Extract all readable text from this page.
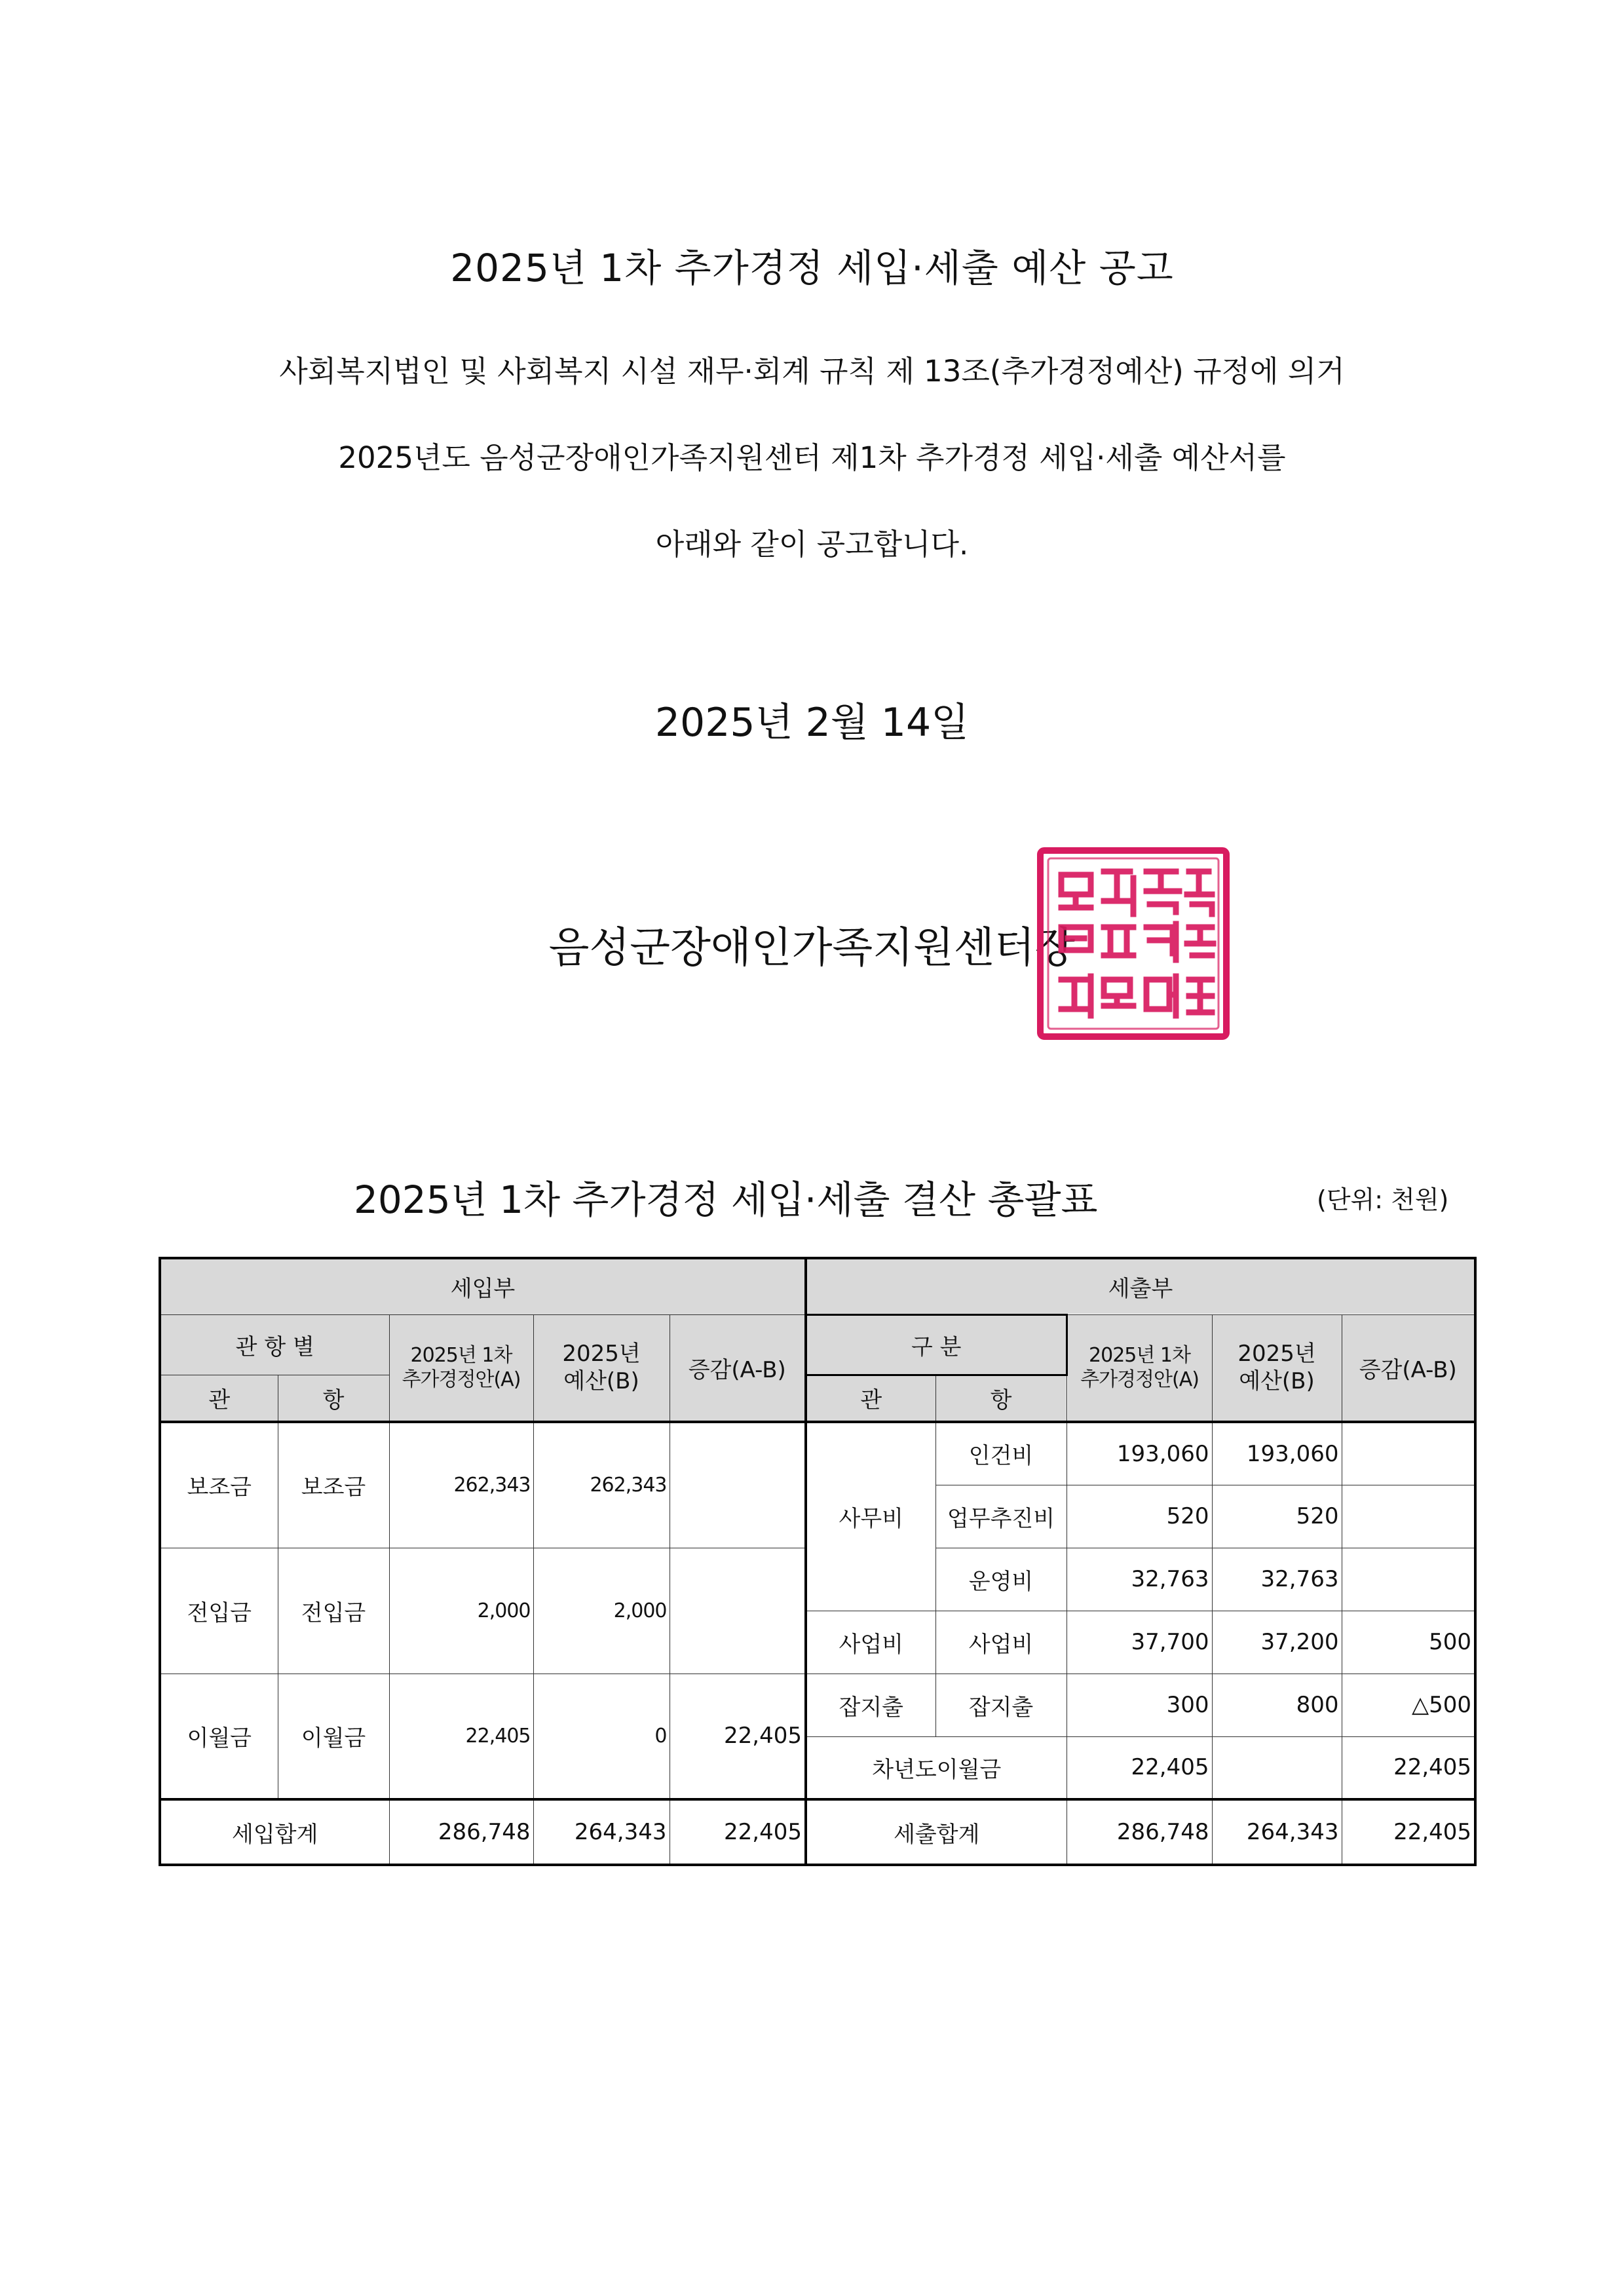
2025년 1차 추가경정 세입·세출 예산 공고
사회복지법인 및 사회복지 시설 재무·회계 규칙 제 13조(추가경정예산) 규정에 의거
2025년도 음성군장애인가족지원센터 제1차 추가경정 세입·세출 예산서를
아래와 같이 공고합니다.
2025년 2월 14일
음성군장애인가족지원센터장
2025년 1차 추가경정 세입·세출 결산 총괄표	(단위: 천원)
세입부					세출부				
관 항 별		2025년 1차
추가경정안(A)	2025년
예산(B)	증감(A-B)	구 분		2025년 1차
추가경정안(A)	2025년
예산(B)	증감(A-B)
관	항				관	항			
보조금	보조금	262,343	262,343		사무비	인건비	193,060	193,060	
						업무추진비	520	520	
전입금	전입금	2,000	2,000			운영비	32,763	32,763	
					사업비	사업비	37,700	37,200	500
이월금	이월금	22,405	0	22,405	잡지출	잡지출	300	800	△500
					차년도이월금		22,405		22,405
세입합계		286,748	264,343	22,405	세출합계		286,748	264,343	22,405
